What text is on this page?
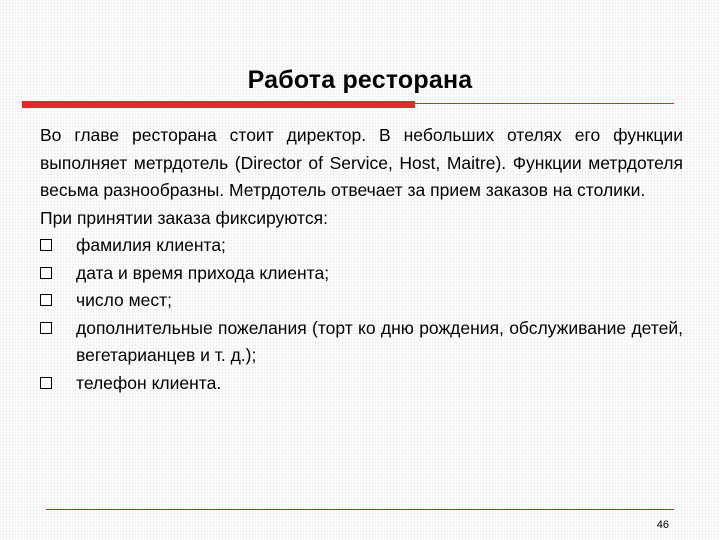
Работа ресторана

Во главе ресторана стоит директор. В небольших отелях его функции выполняет метрдотель (Director of Service, Host, Maitre). Функции метрдотеля весьма разнообразны. Метрдотель отвечает за прием заказов на столики.

При принятии заказа фиксируются:

фамилия клиента;
дата и время прихода клиента;
число мест;
дополнительные пожелания (торт ко дню рождения, обслуживание детей, вегетарианцев и т. д.);
телефон клиента.
46
